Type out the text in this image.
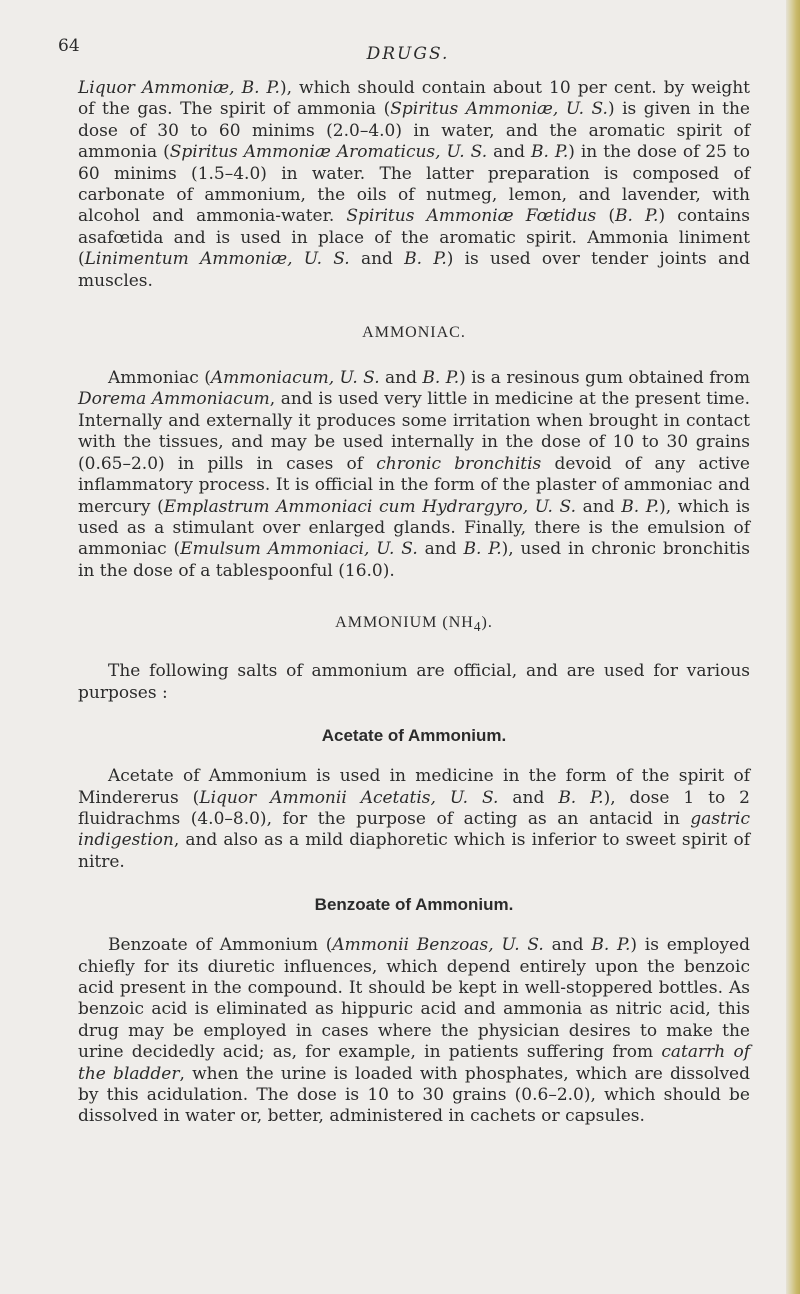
64	DRUGS.

Liquor Ammoniæ, B. P.), which should contain about 10 per cent. by weight of the gas. The spirit of ammonia (Spiritus Ammoniæ, U. S.) is given in the dose of 30 to 60 minims (2.0–4.0) in water, and the aromatic spirit of ammonia (Spiritus Ammoniæ Aromaticus, U. S. and B. P.) in the dose of 25 to 60 minims (1.5–4.0) in water. The latter preparation is composed of carbonate of ammonium, the oils of nutmeg, lemon, and lavender, with alcohol and ammonia-water. Spiritus Ammoniæ Fœtidus (B. P.) contains asafœtida and is used in place of the aromatic spirit. Ammonia liniment (Linimentum Ammoniæ, U. S. and B. P.) is used over tender joints and muscles.

AMMONIAC.

Ammoniac (Ammoniacum, U. S. and B. P.) is a resinous gum obtained from Dorema Ammoniacum, and is used very little in medicine at the present time. Internally and externally it produces some irritation when brought in contact with the tissues, and may be used internally in the dose of 10 to 30 grains (0.65–2.0) in pills in cases of chronic bronchitis devoid of any active inflammatory process. It is official in the form of the plaster of ammoniac and mercury (Emplastrum Ammoniaci cum Hydrargyro, U. S. and B. P.), which is used as a stimulant over enlarged glands. Finally, there is the emulsion of ammoniac (Emulsum Ammoniaci, U. S. and B. P.), used in chronic bronchitis in the dose of a tablespoonful (16.0).

AMMONIUM $(NH_4)$.

The following salts of ammonium are official, and are used for various purposes :

Acetate of Ammonium.

Acetate of Ammonium is used in medicine in the form of the spirit of Mindererus (Liquor Ammonii Acetatis, U. S. and B. P.), dose 1 to 2 fluidrachms (4.0–8.0), for the purpose of acting as an antacid in gastric indigestion, and also as a mild diaphoretic which is inferior to sweet spirit of nitre.

Benzoate of Ammonium.

Benzoate of Ammonium (Ammonii Benzoas, U. S. and B. P.) is employed chiefly for its diuretic influences, which depend entirely upon the benzoic acid present in the compound. It should be kept in well-stoppered bottles. As benzoic acid is eliminated as hippuric acid and ammonia as nitric acid, this drug may be employed in cases where the physician desires to make the urine decidedly acid; as, for example, in patients suffering from catarrh of the bladder, when the urine is loaded with phosphates, which are dissolved by this acidulation. The dose is 10 to 30 grains (0.6–2.0), which should be dissolved in water or, better, administered in cachets or capsules.
